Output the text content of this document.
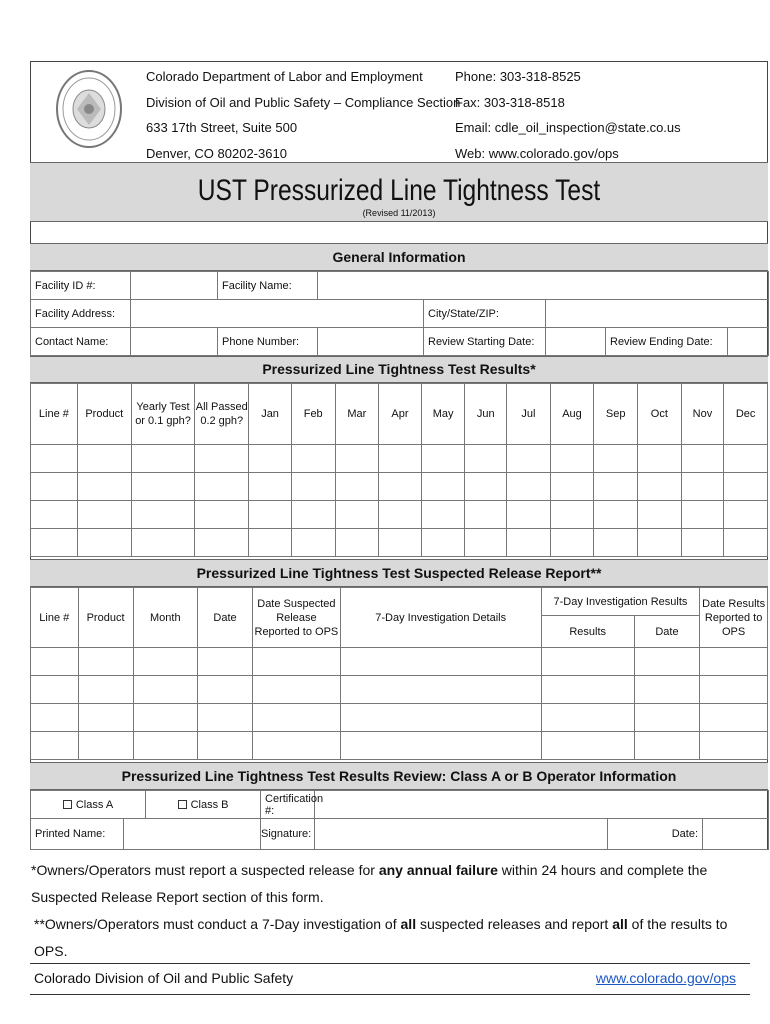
Colorado Department of Labor and Employment
Division of Oil and Public Safety – Compliance Section
633 17th Street, Suite 500
Denver, CO 80202-3610
Phone: 303-318-8525
Fax: 303-318-8518
Email: cdle_oil_inspection@state.co.us
Web: www.colorado.gov/ops
UST Pressurized Line Tightness Test
(Revised 11/2013)
General Information
Facility ID #:		Facility Name:					
Facility Address:				City/State/ZIP:			
Contact Name:		Phone Number:		Review Starting Date:		Review Ending Date:	
Pressurized Line Tightness Test Results*
Line #	Product	Yearly Test or 0.1 gph?	All Passed 0.2 gph?	Jan	Feb	Mar	Apr	May	Jun	Jul	Aug	Sep	Oct	Nov	Dec

Pressurized Line Tightness Test Suspected Release Report**
Line #	Product	Month	Date	Date Suspected Release Reported to OPS	7-Day Investigation Details	7-Day Investigation Results		Date Results Reported to OPS
						Results	Date	

Pressurized Line Tightness Test Results Review: Class A or B Operator Information
Class A		Class B	Certification #:			
Printed Name:			Signature:		Date:	
*Owners/Operators must report a suspected release for any annual failure within 24 hours and complete the Suspected Release Report section of this form.
**Owners/Operators must conduct a 7-Day investigation of all suspected releases and report all of the results to OPS.
Colorado Division of Oil and Public Safety	www.colorado.gov/ops
